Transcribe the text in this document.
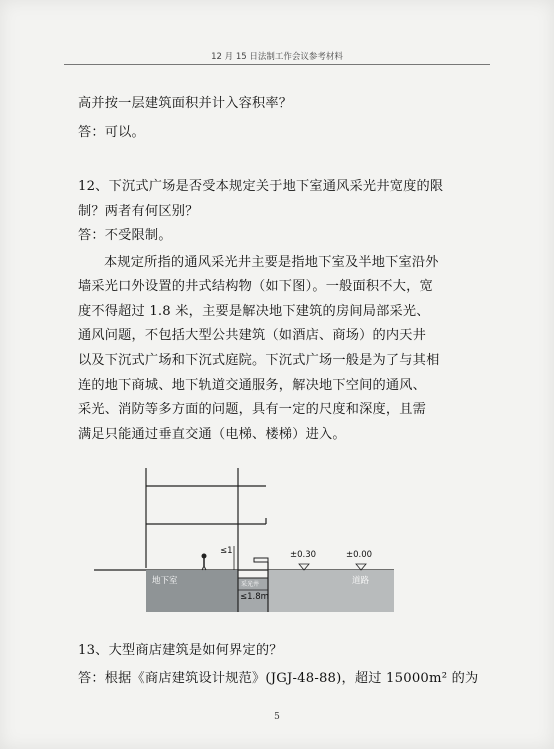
12 月 15 日法制工作会议参考材料
高并按一层建筑面积并计入容积率？
答：可以。
12、下沉式广场是否受本规定关于地下室通风采光井宽度的限
制？两者有何区别？
答：不受限制。
本规定所指的通风采光井主要是指地下室及半地下室沿外
墙采光口外设置的井式结构物（如下图）。一般面积不大，宽
度不得超过 1.8 米，主要是解决地下建筑的房间局部采光、
通风问题，不包括大型公共建筑（如酒店、商场）的内天井
以及下沉式广场和下沉式庭院。下沉式广场一般是为了与其相
连的地下商城、地下轨道交通服务，解决地下空间的通风、
采光、消防等多方面的问题，具有一定的尺度和深度，且需
满足只能通过垂直交通（电梯、楼梯）进入。
地下室	道路
±0.30	±0.00
≤1.8m
≤1
采光井
13、大型商店建筑是如何界定的？
答：根据《商店建筑设计规范》(JGJ-48-88)，超过 15000m² 的为
5
